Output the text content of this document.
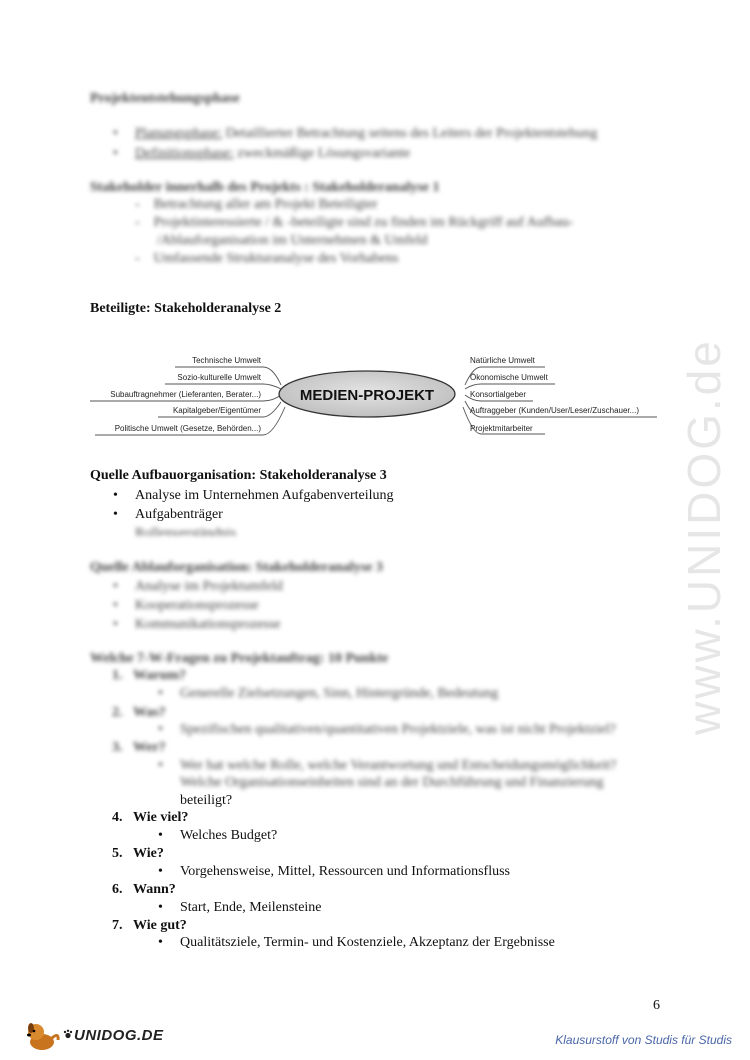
www.UNIDOG.de
Projektentstehungsphase
Planungsphase: Detaillierter Betrachtung seitens des Leiters der Projektentstehung
Definitionsphase: zweckmäßige Lösungsvariante
Stakeholder innerhalb des Projekts : Stakeholderanalyse 1
-    Betrachtung aller am Projekt Beteiligter
-    Projektinteressierte / & -beteiligte sind zu finden im Rückgriff auf Aufbau-
/Ablauforganisation im Unternehmen & Umfeld
-    Umfassende Strukturanalyse des Vorhabens
Beteiligte: Stakeholderanalyse 2
MEDIEN-PROJEKT
Technische Umwelt
Sozio-kulturelle Umwelt
Subauftragnehmer (Lieferanten, Berater...)
Kapitalgeber/Eigentümer
Politische Umwelt (Gesetze, Behörden...)
Natürliche Umwelt
Ökonomische Umwelt
Konsortialgeber
Auftraggeber (Kunden/User/Leser/Zuschauer...)
Projektmitarbeiter
Quelle Aufbauorganisation: Stakeholderanalyse 3
Analyse im Unternehmen Aufgabenverteilung
Aufgabenträger
Rollenverständnis
Quelle Ablauforganisation: Stakeholderanalyse 3
Analyse im Projektumfeld
Kooperationsprozesse
Kommunikationsprozesse
Welche 7-W-Fragen zu Projektauftrag: 10 Punkte
1. Warum?
Generelle Zielsetzungen, Sinn, Hintergründe, Bedeutung
2. Was?
Spezifischen qualitativen/quantitativen Projektziele, was ist nicht Projektziel?
3. Wer?
Wer hat welche Rolle, welche Verantwortung und Entscheidungsmöglichkeit?
Welche Organisationseinheiten sind an der Durchführung und Finanzierung
beteiligt?
4. Wie viel?
Welches Budget?
5. Wie?
Vorgehensweise, Mittel, Ressourcen und Informationsfluss
6. Wann?
Start, Ende, Meilensteine
7. Wie gut?
Qualitätsziele, Termin- und Kostenziele, Akzeptanz der Ergebnisse
6
UNIDOG.DE	Klausurstoff von Studis für Studis
